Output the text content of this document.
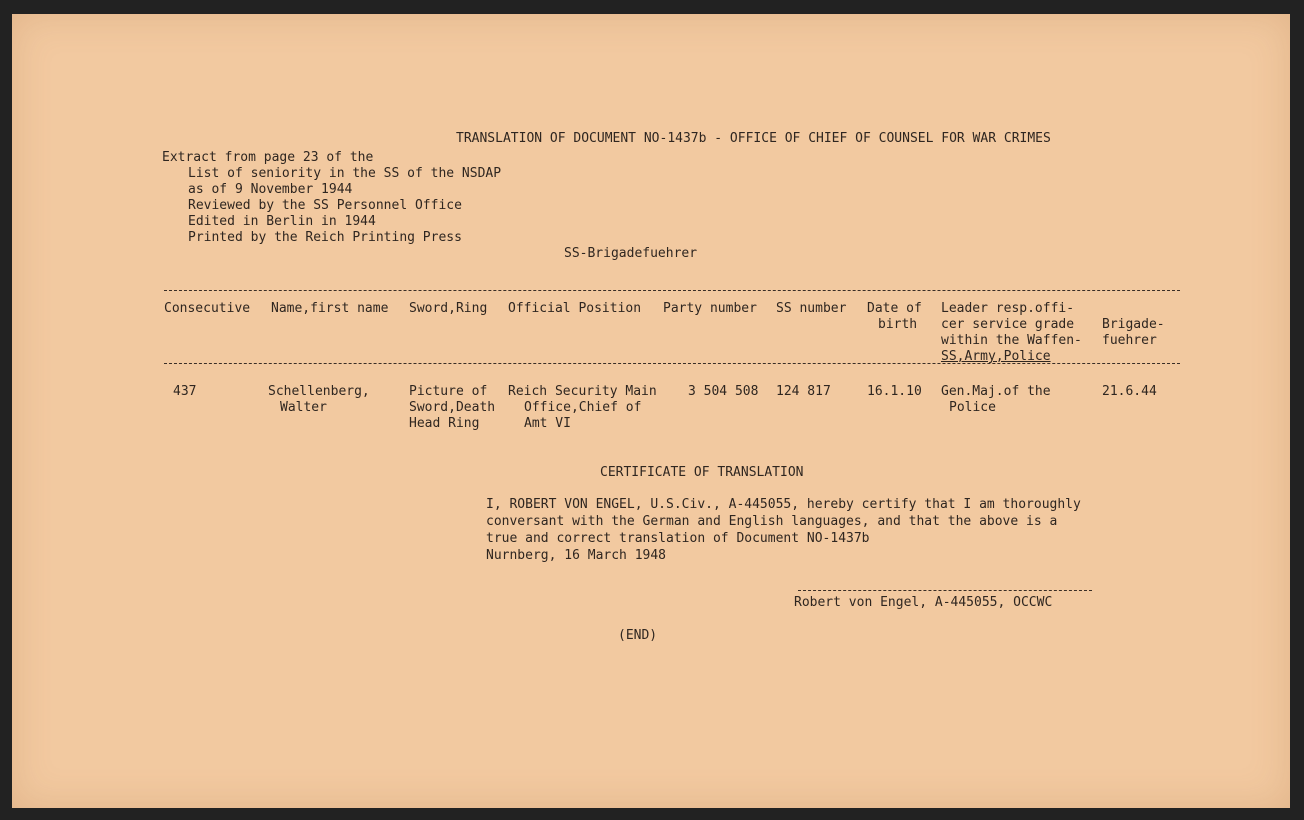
TRANSLATION OF DOCUMENT NO-1437b - OFFICE OF CHIEF OF COUNSEL FOR WAR CRIMES
Extract from page 23 of the
List of seniority in the SS of the NSDAP
as of 9 November 1944
Reviewed by the SS Personnel Office
Edited in Berlin in 1944
Printed by the Reich Printing Press
SS-Brigadefuehrer
Consecutive Name,first name Sword,Ring Official Position Party number SS number Date of
birth
Leader resp.offi-
cer service grade
within the Waffen-
SS,Army,Police
Brigade-
fuehrer
437	Schellenberg,
Walter
Picture of
Sword,Death
Head Ring
Reich Security Main
Office,Chief of
Amt VI
3 504 508 124 817	16.1.10 Gen.Maj.of the
Police
21.6.44
CERTIFICATE OF TRANSLATION
I, ROBERT VON ENGEL, U.S.Civ., A-445055, hereby certify that I am thoroughly
conversant with the German and English languages, and that the above is a
true and correct translation of Document NO-1437b
Nurnberg, 16 March 1948
Robert von Engel, A-445055, OCCWC
(END)
